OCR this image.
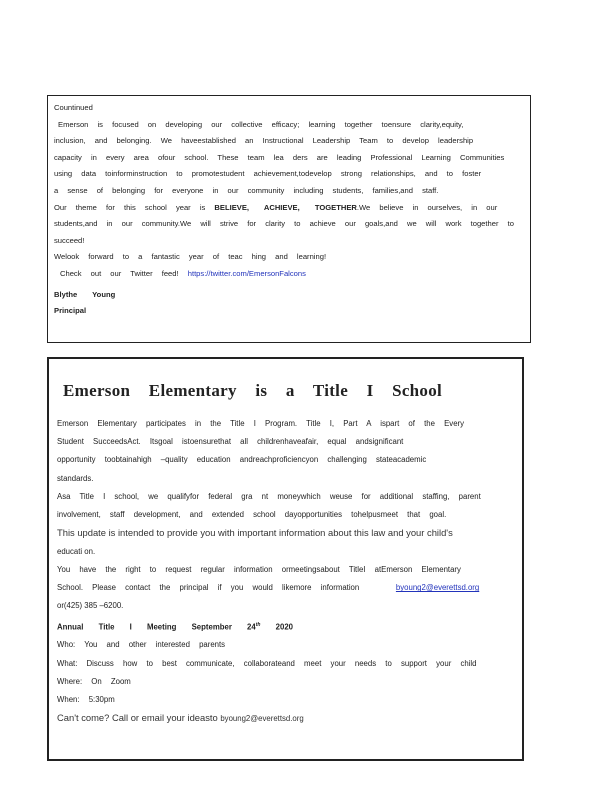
Countinued
Emerson is focused on developing our collective efficacy; learning together toensure clarity,equity,
inclusion, and belonging. We haveestablished an Instructional Leadership Team to develop leadership
capacity in every area ofour school. These team lea ders are leading Professional Learning Communities
using data toinforminstruction to promotestudent achievement,todevelop strong relationships, and to foster
a sense of belonging for everyone in our community including students, families,and staff.
Our theme for this school year is BELIEVE, ACHIEVE, TOGETHER.We believe in ourselves, in our
students,and in our community.We will strive for clarity to achieve our goals,and we will work together to
succeed!
Welook forward to a fantastic year of teac hing and learning!
Check out our Twitter feed! https://twitter.com/EmersonFalcons
Blythe Young
Principal
Emerson Elementary is a Title I School
Emerson Elementary participates in the Title I Program. Title I, Part A ispart of the Every
Student SucceedsAct. Itsgoal istoensurethat all childrenhaveafair, equal andsignificant
opportunity toobtainahigh –quality education andreachproficiencyon challenging stateacademic
standards.
Asa Title I school, we qualifyfor federal gra nt moneywhich weuse for additional staffing, parent
involvement, staff development, and extended school dayopportunities tohelpusmeet that goal.
This update is intended to provide you with important information about this law and your child's
educati on.
You have the right to request regular information ormeetingsabout TitleI atEmerson Elementary
School. Please contact the principal if you would likemore information	byoung2@everettsd.org
or(425) 385 –6200.
Annual Title I Meeting September 24th 2020
Who: You and other interested parents
What: Discuss how to best communicate, collaborateand meet your needs to support your child
Where: On Zoom
When: 5:30pm
Can't come? Call or email your ideasto byoung2@everettsd.org
